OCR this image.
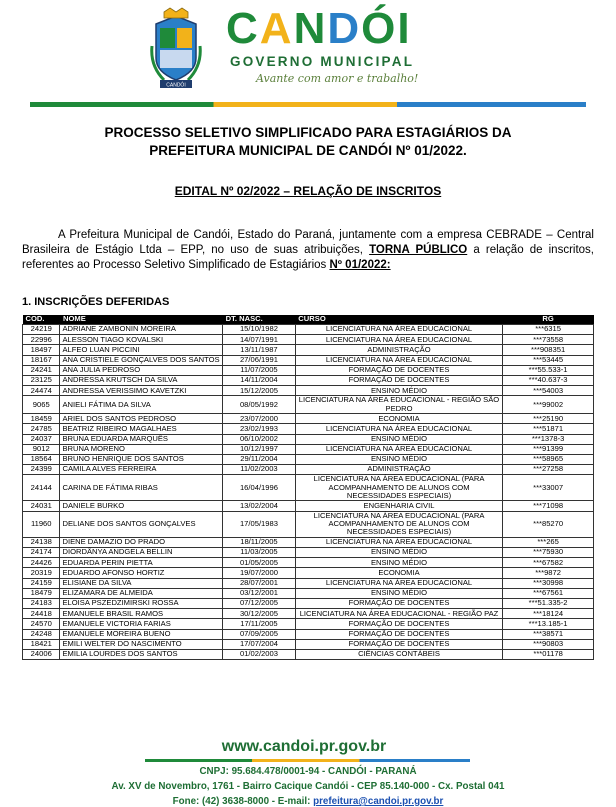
CANDÓI
CANDÓI
GOVERNO MUNICIPAL
Avante com amor e trabalho!
PROCESSO SELETIVO SIMPLIFICADO PARA ESTAGIÁRIOS DA
PREFEITURA MUNICIPAL DE CANDÓI Nº 01/2022.
EDITAL Nº 02/2022 – RELAÇÃO DE INSCRITOS
A Prefeitura Municipal de Candói, Estado do Paraná, juntamente com a empresa CEBRADE – Central Brasileira de Estágio Ltda – EPP, no uso de suas atribuições, TORNA PÚBLICO a relação de inscritos, referentes ao Processo Seletivo Simplificado de Estagiários Nº 01/2022:
1. INSCRIÇÕES DEFERIDAS
COD.	NOME	DT. NASC.	CURSO	RG
24219	ADRIANE ZAMBONIN MOREIRA	15/10/1982	LICENCIATURA NA ÁREA EDUCACIONAL	***6315
22996	ALESSON TIAGO KOVALSKI	14/07/1991	LICENCIATURA NA ÁREA EDUCACIONAL	***73558
18497	ALFEO LUAN PICCINI	13/11/1987	ADMINISTRAÇÃO	***908351
18167	ANA CRISTIELE GONÇALVES DOS SANTOS	27/06/1991	LICENCIATURA NA ÁREA EDUCACIONAL	***53445
24241	ANA JULIA PEDROSO	11/07/2005	FORMAÇÃO DE DOCENTES	***55.533-1
23125	ANDRESSA KRUTSCH DA SILVA	14/11/2004	FORMAÇÃO DE DOCENTES	***40.637-3
24474	ANDRESSA VERISSIMO KAVETZKI	15/12/2005	ENSINO MÉDIO	***54003
9065	ANIELI FÁTIMA DA SILVA	08/05/1992	LICENCIATURA NA ÁREA EDUCACIONAL - REGIÃO SÃO PEDRO	***99002
18459	ARIEL DOS SANTOS PEDROSO	23/07/2000	ECONOMIA	***25190
24785	BEATRIZ RIBEIRO MAGALHAES	23/02/1993	LICENCIATURA NA ÁREA EDUCACIONAL	***51871
24037	BRUNA EDUARDA MARQUÊS	06/10/2002	ENSINO MÉDIO	***1378-3
9012	BRUNA MORENO	10/12/1997	LICENCIATURA NA ÁREA EDUCACIONAL	***91399
18564	BRUNO HENRIQUE DOS SANTOS	29/11/2004	ENSINO MÉDIO	***58965
24399	CAMILA ALVES FERREIRA	11/02/2003	ADMINISTRAÇÃO	***27258
24144	CARINA DE FÁTIMA RIBAS	16/04/1996	LICENCIATURA NA ÁREA EDUCACIONAL (PARA ACOMPANHAMENTO DE ALUNOS COM NECESSIDADES ESPECIAIS)	***33007
24031	DANIELE BURKO	13/02/2004	ENGENHARIA CIVIL	***71098
11960	DELIANE DOS SANTOS GONÇALVES	17/05/1983	LICENCIATURA NA ÁREA EDUCACIONAL (PARA ACOMPANHAMENTO DE ALUNOS COM NECESSIDADES ESPECIAIS)	***85270
24138	DIENE DAMAZIO DO PRADO	18/11/2005	LICENCIATURA NA ÁREA EDUCACIONAL	***265
24174	DIORDÂNYA ANDGELA BELLIN	11/03/2005	ENSINO MÉDIO	***75930
24426	EDUARDA PERIN PIETTA	01/05/2005	ENSINO MÉDIO	***67582
20319	EDUARDO AFONSO HORTIZ	19/07/2000	ECONOMIA	***9872
24159	ELISIANE DA SILVA	28/07/2001	LICENCIATURA NA ÁREA EDUCACIONAL	***30998
18479	ELIZAMARA DE ALMEIDA	03/12/2001	ENSINO MÉDIO	***67561
24183	ELOISA PSZEDZIMIRSKI ROSSA	07/12/2005	FORMAÇÃO DE DOCENTES	***51.335-2
24418	EMANUELE BRASIL RAMOS	30/12/2005	LICENCIATURA NA ÁREA EDUCACIONAL - REGIÃO PAZ	***18124
24570	EMANUELE VICTORIA FARIAS	17/11/2005	FORMAÇÃO DE DOCENTES	***13.185-1
24248	EMANUELE MOREIRA BUENO	07/09/2005	FORMAÇÃO DE DOCENTES	***38571
18421	EMILI WELTER DO NASCIMENTO	17/07/2004	FORMAÇÃO DE DOCENTES	***90803
24006	EMILIA LOURDES DOS SANTOS	01/02/2003	CIÊNCIAS CONTÁBEIS	***01178
www.candoi.pr.gov.br
CNPJ: 95.684.478/0001-94 - CANDÓI - PARANÁ
Av. XV de Novembro, 1761 - Bairro Cacique Candói - CEP 85.140-000 - Cx. Postal 041
Fone: (42) 3638-8000 - E-mail: prefeitura@candoi.pr.gov.br
